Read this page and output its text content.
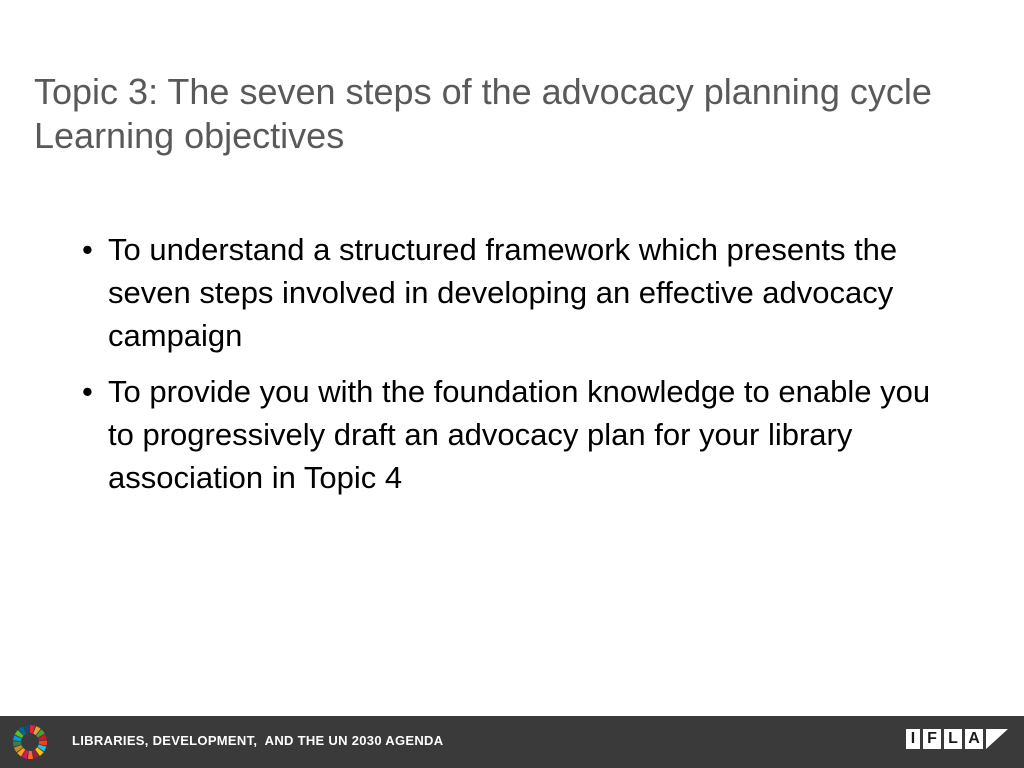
Topic 3: The seven steps of the advocacy planning cycle
Learning objectives
• To understand a structured framework which presents the seven steps involved in developing an effective advocacy campaign
• To provide you with the foundation knowledge to enable you to progressively draft an advocacy plan for your library association in Topic 4
LIBRARIES, DEVELOPMENT,  AND THE UN 2030 AGENDA	I F L A
